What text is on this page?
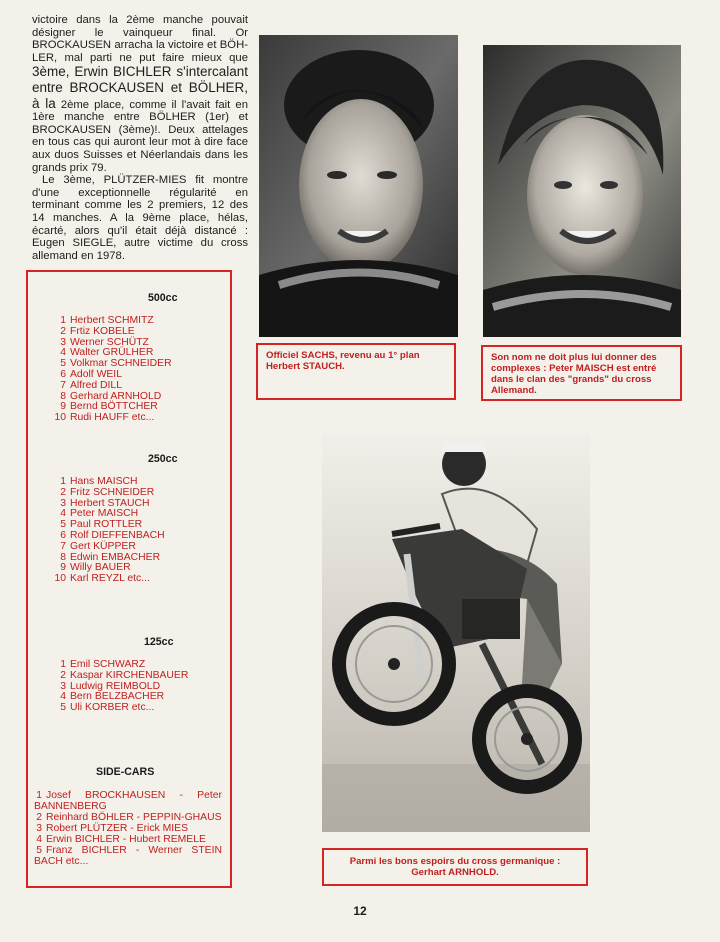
victoire dans la 2ème manche pouvait désigner le vainqueur final. Or BROCKAUSEN arracha la victoire et BÖH-LER, mal parti ne put faire mieux que 3ème, Erwin BICHLER s'intercalant entre BROCKAUSEN et BÖLHER, à la 2ème place, comme il l'avait fait en 1ère manche entre BÖLHER (1er) et BROCKAUSEN (3ème)!. Deux attelages en tous cas qui auront leur mot à dire face aux duos Suisses et Néerlandais dans les grands prix 79.

Le 3ème, PLÜTZER-MIES fit montre d'une exceptionnelle régularité en terminant comme les 2 premiers, 12 des 14 manches. A la 9ème place, hélas, écarté, alors qu'il était déjà distancé : Eugen SIEGLE, autre victime du cross allemand en 1978.

500cc
1 Herbert SCHMITZ
2 Frtiz KOBELE
3 Werner SCHÜTZ
4 Walter GRÜLHER
5 Volkmar SCHNEIDER
6 Adolf WEIL
7 Alfred DILL
8 Gerhard ARNHOLD
9 Bernd BÖTTCHER
10 Rudi HAUFF etc...
250cc
1 Hans MAISCH
2 Fritz SCHNEIDER
3 Herbert STAUCH
4 Peter MAISCH
5 Paul ROTTLER
6 Rolf DIEFFENBACH
7 Gert KÜPPER
8 Edwin EMBACHER
9 Willy BAUER
10 Karl REYZL etc...
125cc
1 Emil SCHWARZ
2 Kaspar KIRCHENBAUER
3 Ludwig REIMBOLD
4 Bern BELZBACHER
5 Uli KORBER etc...
SIDE-CARS
1 Josef BROCKHAUSEN - Peter BANNENBERG
2 Reinhard BÖHLER - PEPPIN-GHAUS
3 Robert PLÜTZER - Erick MIES
4 Erwin BICHLER - Hubert REMELE
5 Franz BICHLER - Werner STEIN BACH etc...
Officiel SACHS, revenu au 1° plan Herbert STAUCH.
Son nom ne doit plus lui donner des complexes : Peter MAISCH est entré dans le clan des "grands" du cross Allemand.
Parmi les bons espoirs du cross germanique : Gerhart ARNHOLD.
12
